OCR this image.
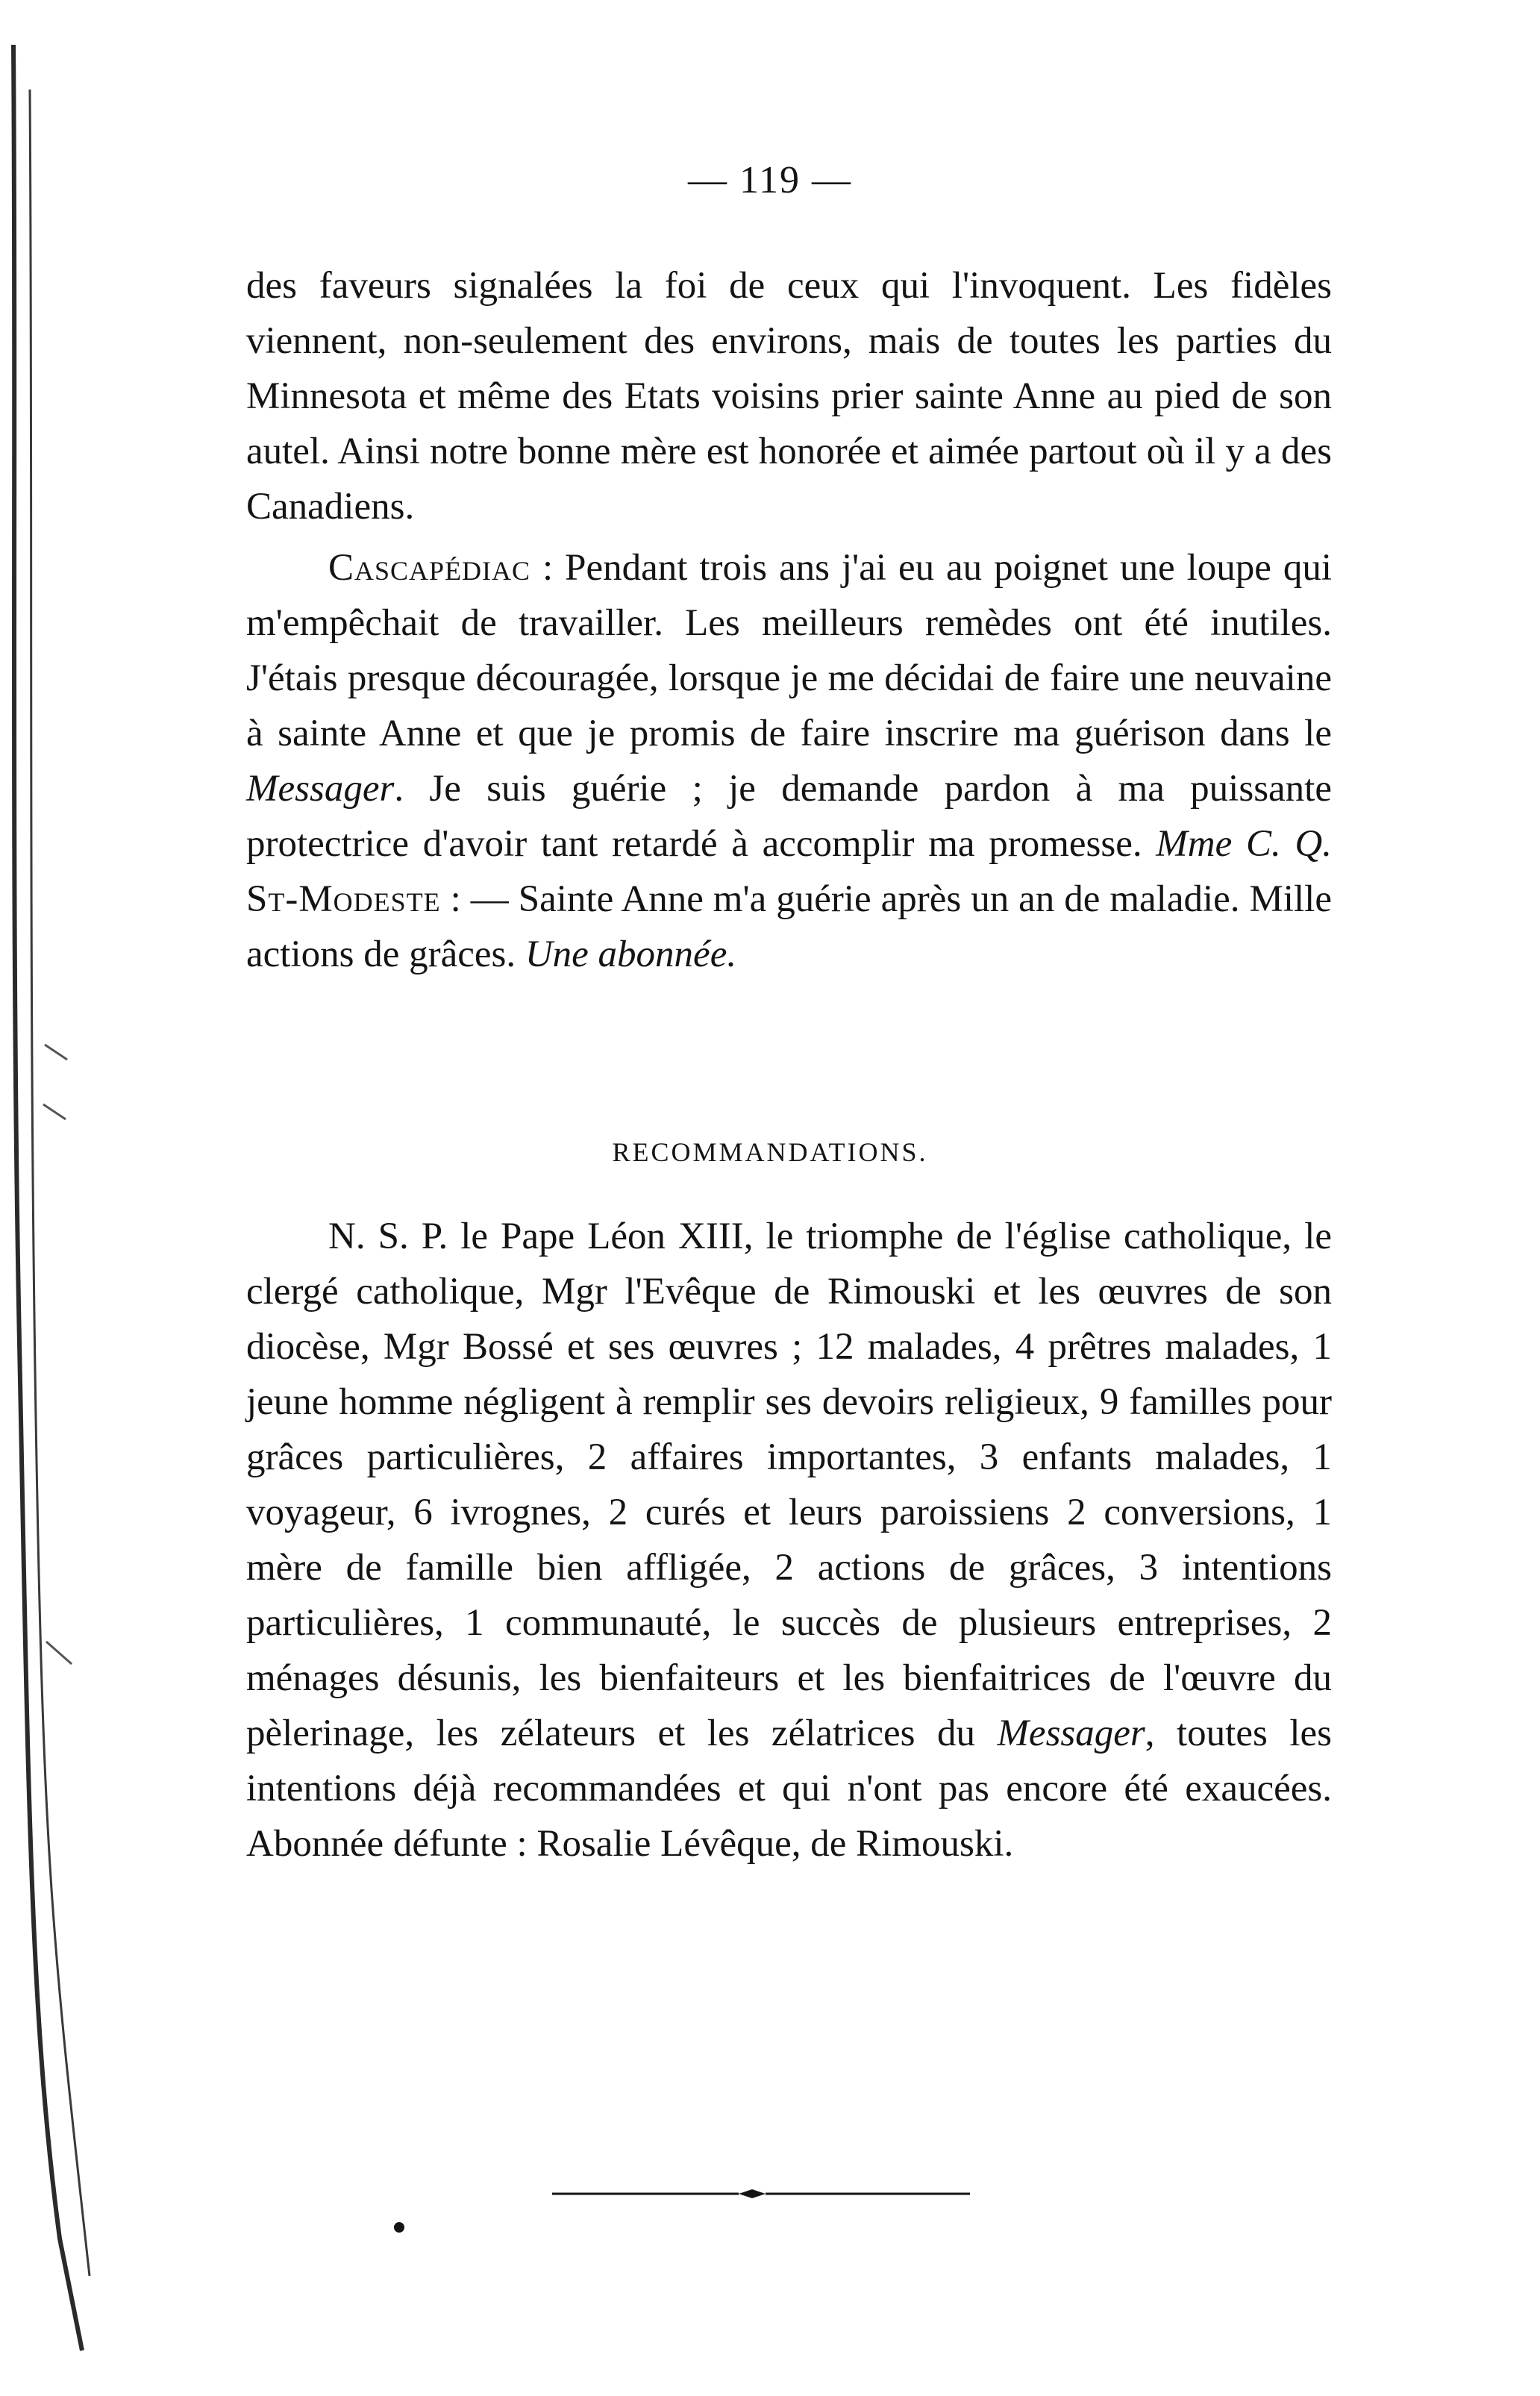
— 119 —

des faveurs signalées la foi de ceux qui l'invoquent. Les fidèles viennent, non-seulement des environs, mais de toutes les parties du Minnesota et même des Etats voisins prier sainte Anne au pied de son autel. Ainsi notre bonne mère est honorée et aimée partout où il y a des Canadiens.

Cascapédiac : Pendant trois ans j'ai eu au poignet une loupe qui m'empêchait de travailler. Les meilleurs remèdes ont été inutiles. J'étais presque découragée, lorsque je me décidai de faire une neuvaine à sainte Anne et que je promis de faire inscrire ma guérison dans le Messager. Je suis guérie ; je demande pardon à ma puissante protectrice d'avoir tant retardé à accomplir ma promesse. Mme C. Q. St-Modeste : — Sainte Anne m'a guérie après un an de maladie. Mille actions de grâces. Une abonnée.

RECOMMANDATIONS.

N. S. P. le Pape Léon XIII, le triomphe de l'église catholique, le clergé catholique, Mgr l'Evêque de Rimouski et les œuvres de son diocèse, Mgr Bossé et ses œuvres ; 12 malades, 4 prêtres malades, 1 jeune homme négligent à remplir ses devoirs religieux, 9 familles pour grâces particulières, 2 affaires importantes, 3 enfants malades, 1 voyageur, 6 ivrognes, 2 curés et leurs paroissiens 2 conversions, 1 mère de famille bien affligée, 2 actions de grâces, 3 intentions particulières, 1 communauté, le succès de plusieurs entreprises, 2 ménages désunis, les bienfaiteurs et les bienfaitrices de l'œuvre du pèlerinage, les zélateurs et les zélatrices du Messager, toutes les intentions déjà recommandées et qui n'ont pas encore été exaucées. Abonnée défunte : Rosalie Lévêque, de Rimouski.
